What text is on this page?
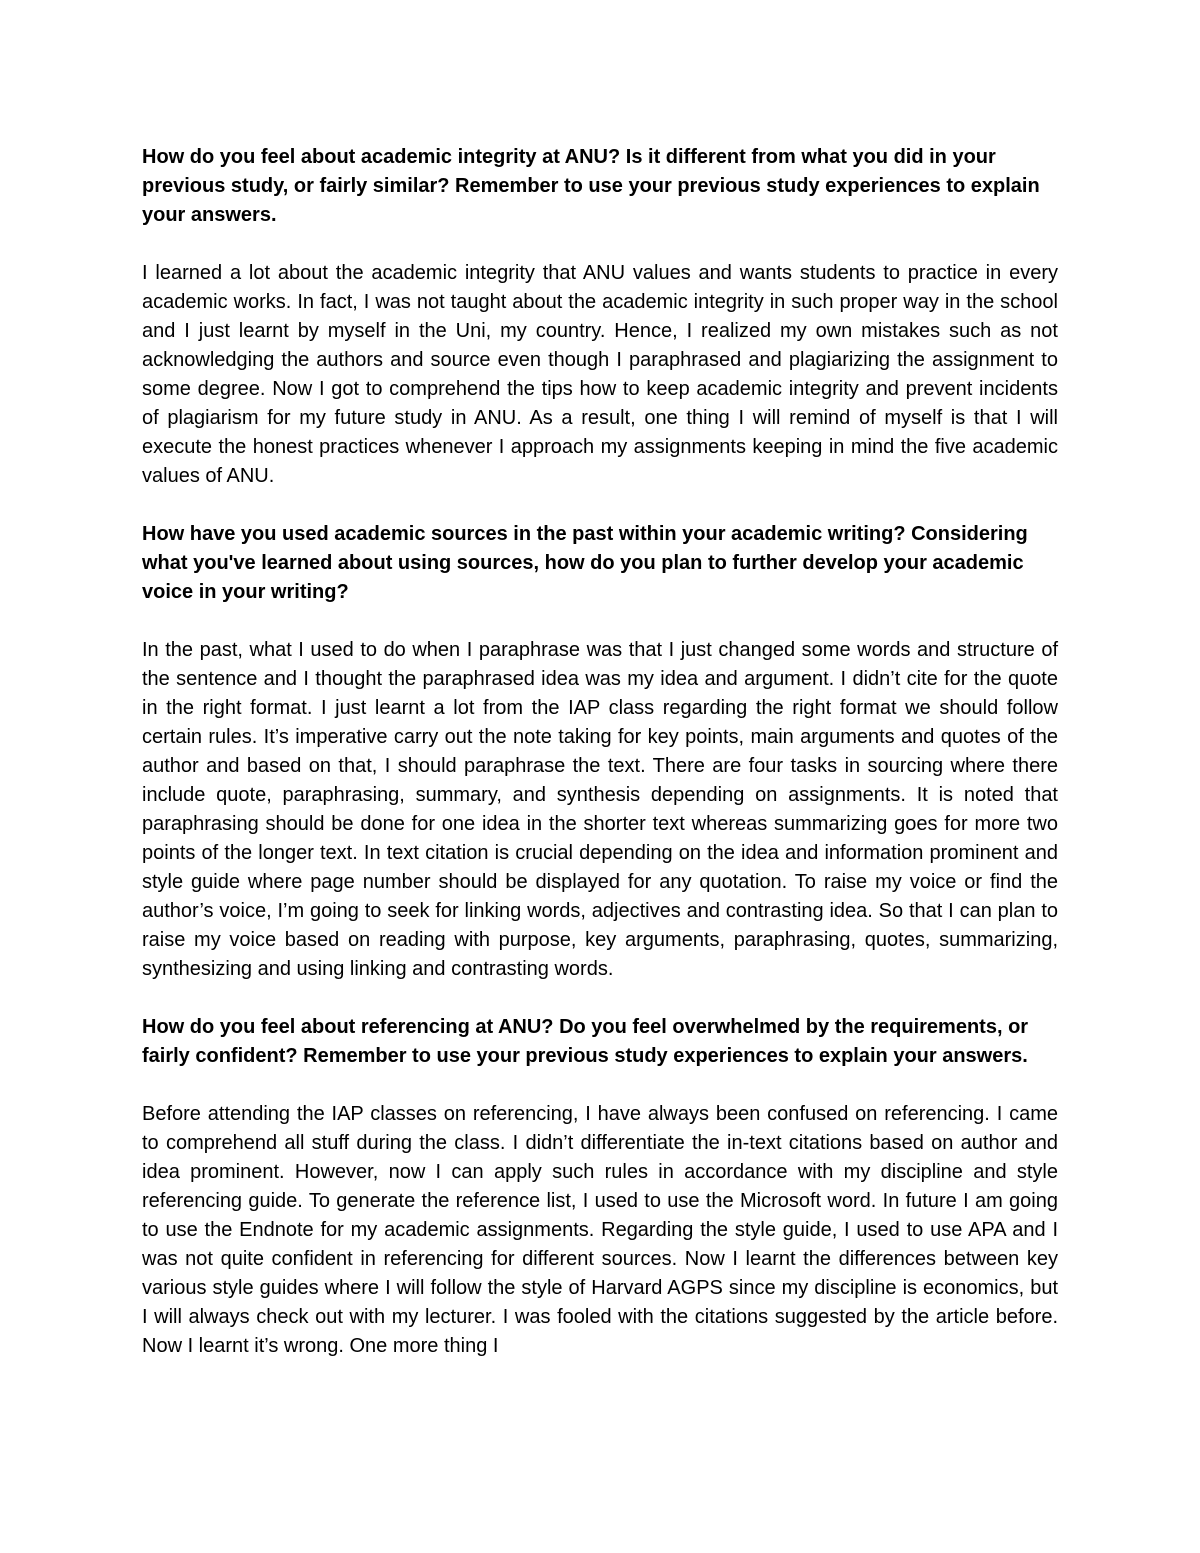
How do you feel about academic integrity at ANU? Is it different from what you did in your previous study, or fairly similar? Remember to use your previous study experiences to explain your answers.

I learned a lot about the academic integrity that ANU values and wants students to practice in every academic works. In fact, I was not taught about the academic integrity in such proper way in the school and I just learnt by myself in the Uni, my country. Hence, I realized my own mistakes such as not acknowledging the authors and source even though I paraphrased and plagiarizing the assignment to some degree. Now I got to comprehend the tips how to keep academic integrity and prevent incidents of plagiarism for my future study in ANU. As a result, one thing I will remind of myself is that I will execute the honest practices whenever I approach my assignments keeping in mind the five academic values of ANU.

How have you used academic sources in the past within your academic writing? Considering what you've learned about using sources, how do you plan to further develop your academic voice in your writing?

In the past, what I used to do when I paraphrase was that I just changed some words and structure of the sentence and I thought the paraphrased idea was my idea and argument. I didn’t cite for the quote in the right format. I just learnt a lot from the IAP class regarding the right format we should follow certain rules. It’s imperative carry out the note taking for key points, main arguments and quotes of the author and based on that, I should paraphrase the text. There are four tasks in sourcing where there include quote, paraphrasing, summary, and synthesis depending on assignments. It is noted that paraphrasing should be done for one idea in the shorter text whereas summarizing goes for more two points of the longer text. In text citation is crucial depending on the idea and information prominent and style guide where page number should be displayed for any quotation. To raise my voice or find the author’s voice, I’m going to seek for linking words, adjectives and contrasting idea. So that I can plan to raise my voice based on reading with purpose, key arguments, paraphrasing, quotes, summarizing, synthesizing and using linking and contrasting words.

How do you feel about referencing at ANU? Do you feel overwhelmed by the requirements, or fairly confident? Remember to use your previous study experiences to explain your answers.

Before attending the IAP classes on referencing, I have always been confused on referencing. I came to comprehend all stuff during the class. I didn’t differentiate the in-text citations based on author and idea prominent. However, now I can apply such rules in accordance with my discipline and style referencing guide. To generate the reference list, I used to use the Microsoft word. In future I am going to use the Endnote for my academic assignments. Regarding the style guide, I used to use APA and I was not quite confident in referencing for different sources. Now I learnt the differences between key various style guides where I will follow the style of Harvard AGPS since my discipline is economics, but I will always check out with my lecturer. I was fooled with the citations suggested by the article before. Now I learnt it’s wrong. One more thing I
